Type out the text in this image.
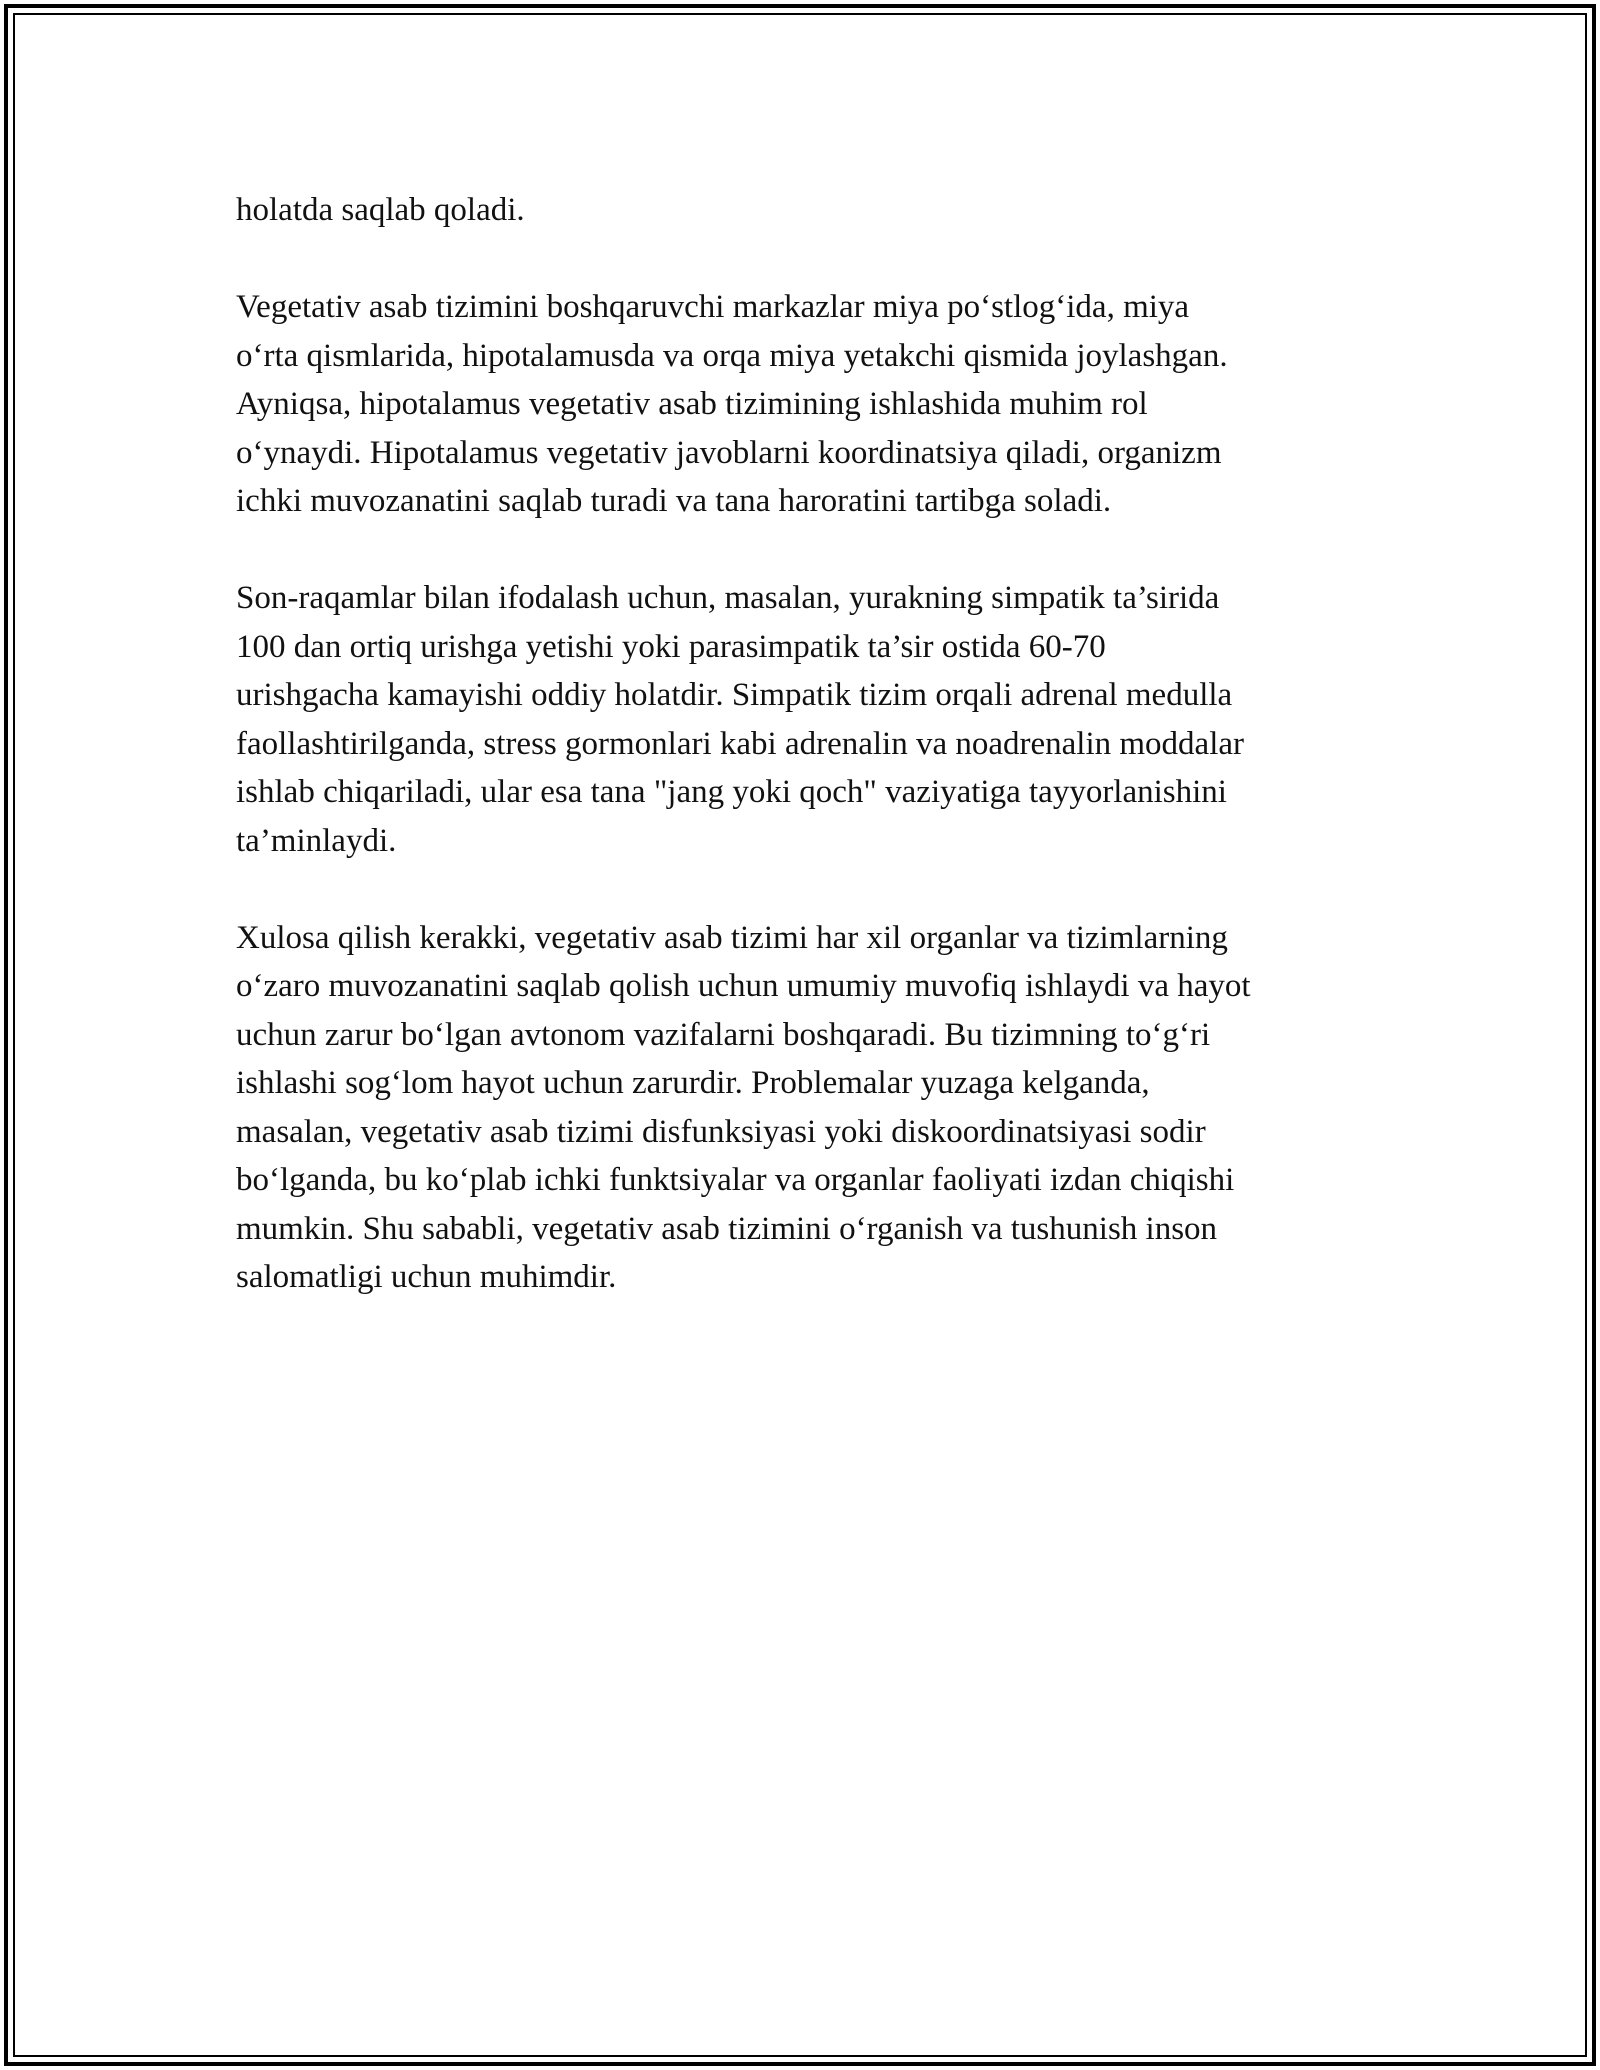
holatda saqlab qoladi.

Vegetativ asab tizimini boshqaruvchi markazlar miya po‘stlog‘ida, miya
o‘rta qismlarida, hipotalamusda va orqa miya yetakchi qismida joylashgan.
Ayniqsa, hipotalamus vegetativ asab tizimining ishlashida muhim rol
o‘ynaydi. Hipotalamus vegetativ javoblarni koordinatsiya qiladi, organizm
ichki muvozanatini saqlab turadi va tana haroratini tartibga soladi.

Son-raqamlar bilan ifodalash uchun, masalan, yurakning simpatik ta’sirida
100 dan ortiq urishga yetishi yoki parasimpatik ta’sir ostida 60-70
urishgacha kamayishi oddiy holatdir. Simpatik tizim orqali adrenal medulla
faollashtirilganda, stress gormonlari kabi adrenalin va noadrenalin moddalar
ishlab chiqariladi, ular esa tana "jang yoki qoch" vaziyatiga tayyorlanishini
ta’minlaydi.

Xulosa qilish kerakki, vegetativ asab tizimi har xil organlar va tizimlarning
o‘zaro muvozanatini saqlab qolish uchun umumiy muvofiq ishlaydi va hayot
uchun zarur bo‘lgan avtonom vazifalarni boshqaradi. Bu tizimning to‘g‘ri
ishlashi sog‘lom hayot uchun zarurdir. Problemalar yuzaga kelganda,
masalan, vegetativ asab tizimi disfunksiyasi yoki diskoordinatsiyasi sodir
bo‘lganda, bu ko‘plab ichki funktsiyalar va organlar faoliyati izdan chiqishi
mumkin. Shu sababli, vegetativ asab tizimini o‘rganish va tushunish inson
salomatligi uchun muhimdir.
